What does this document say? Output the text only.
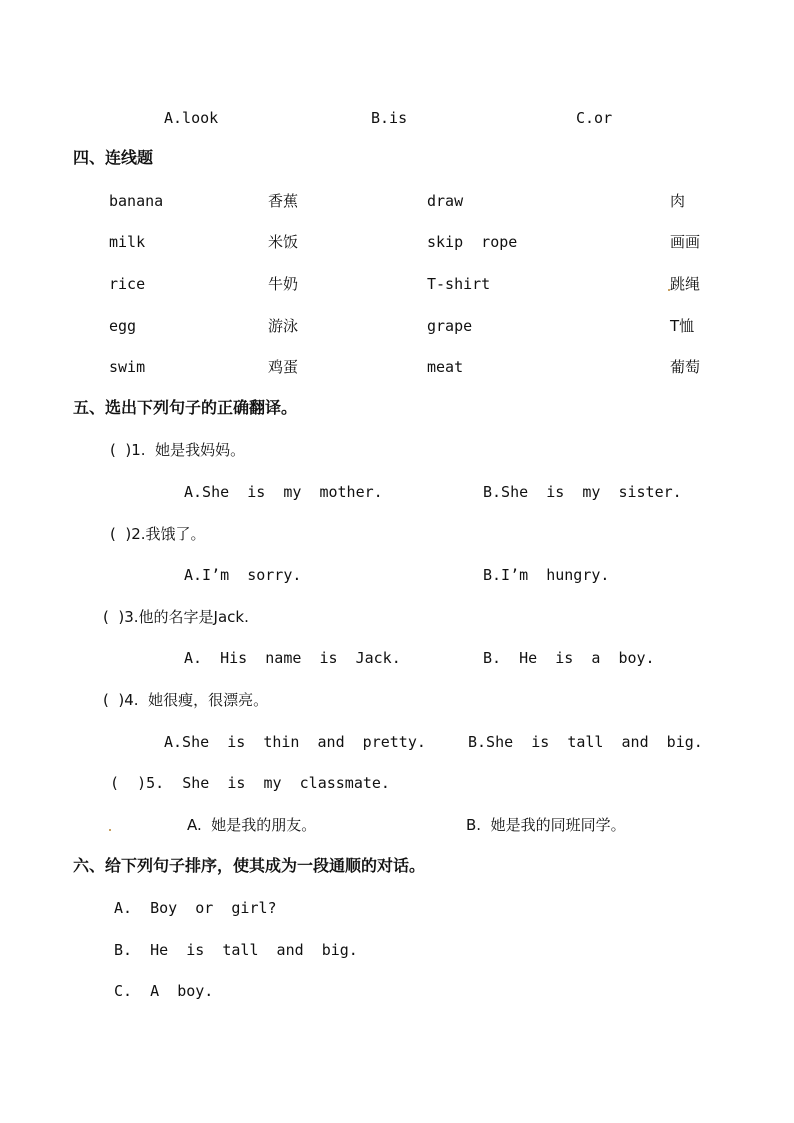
A.look	B.is	C.or
四、连线题
banana	香蕉	draw	肉
milk	米饭	skip  rope	画画
rice	牛奶	T-shirt	跳绳
egg	游泳	grape	T恤
swim	鸡蛋	meat	葡萄
五、选出下列句子的正确翻译。
(  )1.  她是我妈妈。
A.She  is  my  mother.	B.She  is  my  sister.
(  )2.我饿了。
A.I’m  sorry.	B.I’m  hungry.
(  )3.他的名字是Jack.
A.  His  name  is  Jack.	B.  He  is  a  boy.
(  )4.  她很瘦，很漂亮。
A.She  is  thin  and  pretty.	B.She  is  tall  and  big.
(  )5.  She  is  my  classmate.
A.  她是我的朋友。	B.  她是我的同班同学。
六、给下列句子排序，使其成为一段通顺的对话。
A.  Boy  or  girl?
B.  He  is  tall  and  big.
C.  A  boy.
